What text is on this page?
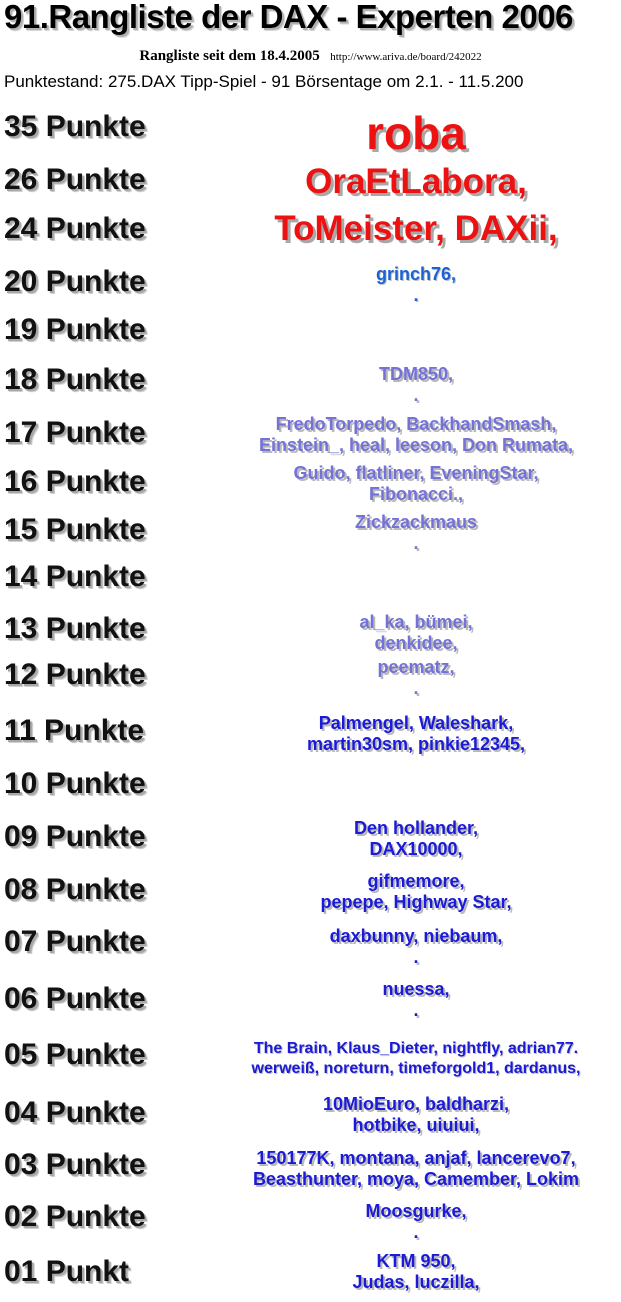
91.Rangliste der DAX - Experten 2006
Rangliste seit dem 18.4.2005 http://www.ariva.de/board/242022
Punktestand: 275.DAX Tipp-Spiel - 91 Börsentage om 2.1. - 11.5.200
35 Punkte	roba
26 Punkte	OraEtLabora,
24 Punkte	ToMeister, DAXii,
20 Punkte	grinch76,
.
19 Punkte
18 Punkte	TDM850,
.
17 Punkte	FredoTorpedo, BackhandSmash,
Einstein_, heal, leeson, Don Rumata,
16 Punkte	Guido, flatliner, EveningStar,
Fibonacci.,
15 Punkte	Zickzackmaus
.
14 Punkte
13 Punkte	al_ka, bümei,
denkidee,
12 Punkte	peematz,
.
11 Punkte	Palmengel, Waleshark,
martin30sm, pinkie12345,
10 Punkte
09 Punkte	Den hollander,
DAX10000,
08 Punkte	gifmemore,
pepepe, Highway Star,
07 Punkte	daxbunny, niebaum,
.
06 Punkte	nuessa,
.
05 Punkte	The Brain, Klaus_Dieter, nightfly, adrian77.
werweiß, noreturn, timeforgold1, dardanus,
04 Punkte	10MioEuro, baldharzi,
hotbike, uiuiui,
03 Punkte	150177K, montana, anjaf, lancerevo7,
Beasthunter, moya, Camember, Lokim
02 Punkte	Moosgurke,
.
01 Punkt	KTM 950,
Judas, luczilla,
